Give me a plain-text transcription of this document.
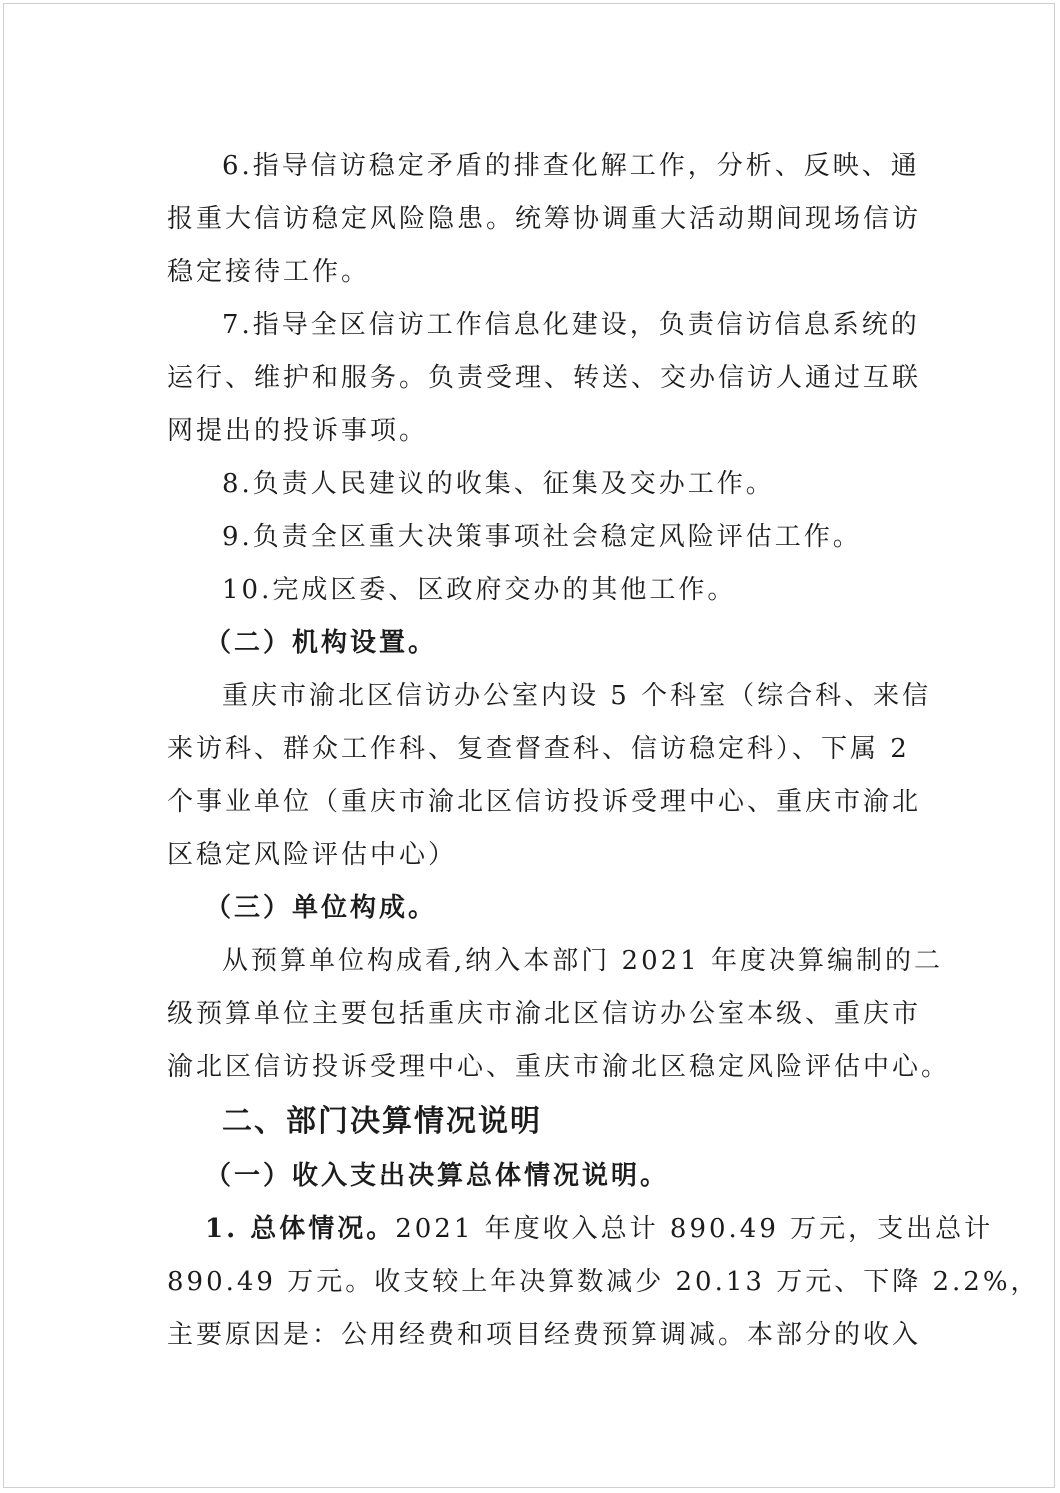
6.指导信访稳定矛盾的排查化解工作，分析、反映、通
报重大信访稳定风险隐患。统筹协调重大活动期间现场信访
稳定接待工作。
7.指导全区信访工作信息化建设，负责信访信息系统的
运行、维护和服务。负责受理、转送、交办信访人通过互联
网提出的投诉事项。
8.负责人民建议的收集、征集及交办工作。
9.负责全区重大决策事项社会稳定风险评估工作。
10.完成区委、区政府交办的其他工作。
（二）机构设置。
重庆市渝北区信访办公室内设 5 个科室（综合科、来信
来访科、群众工作科、复查督查科、信访稳定科）、下属 2
个事业单位（重庆市渝北区信访投诉受理中心、重庆市渝北
区稳定风险评估中心）
（三）单位构成。
从预算单位构成看,纳入本部门 2021 年度决算编制的二
级预算单位主要包括重庆市渝北区信访办公室本级、重庆市
渝北区信访投诉受理中心、重庆市渝北区稳定风险评估中心。
二、部门决算情况说明
（一）收入支出决算总体情况说明。
1. 总体情况。2021 年度收入总计 890.49 万元，支出总计
890.49 万元。收支较上年决算数减少 20.13 万元、下降 2.2%，
主要原因是：公用经费和项目经费预算调减。本部分的收入
